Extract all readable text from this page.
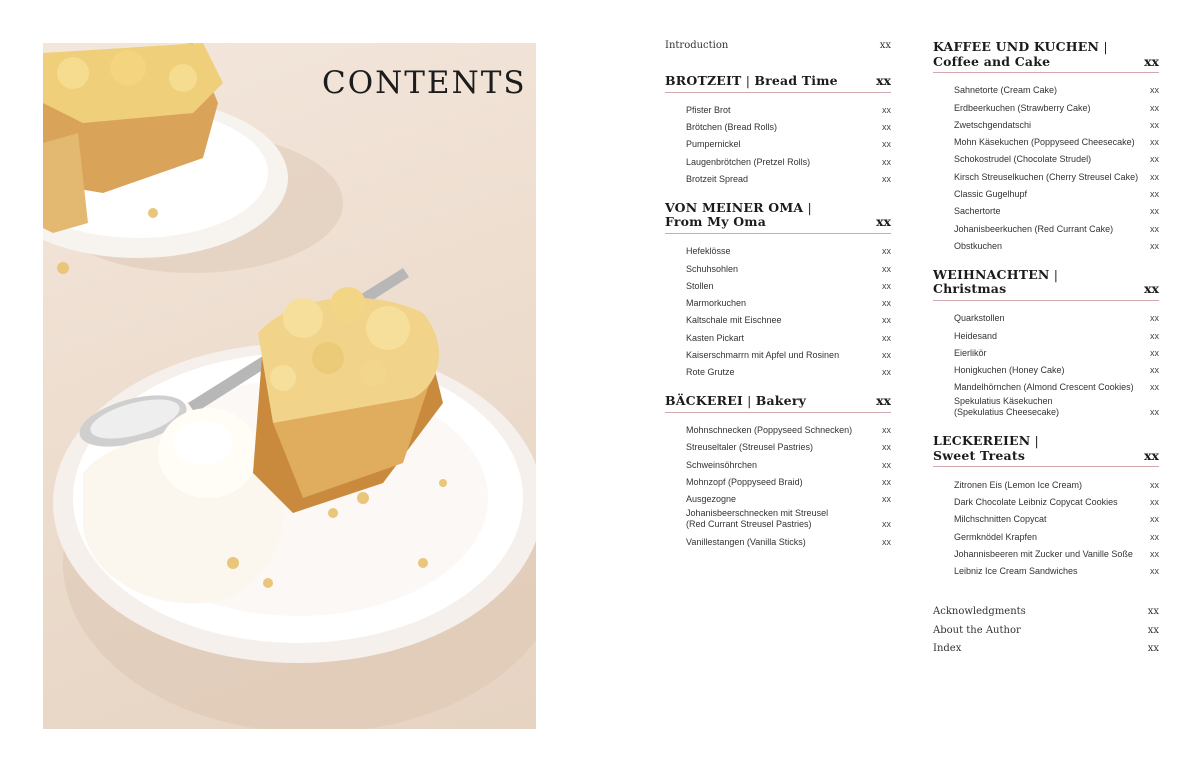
CONTENTS
Introduction	xx
BROTZEIT | Bread Time	xx
Pfister Brot	xx
Brötchen (Bread Rolls)	xx
Pumpernickel	xx
Laugenbrötchen (Pretzel Rolls)	xx
Brotzeit Spread	xx
VON MEINER OMA |
From My Oma	xx
Hefeklösse	xx
Schuhsohlen	xx
Stollen	xx
Marmorkuchen	xx
Kaltschale mit Eischnee	xx
Kasten Pickart	xx
Kaiserschmarrn mit Apfel und Rosinen	xx
Rote Grutze	xx
BÄCKEREI | Bakery	xx
Mohnschnecken (Poppyseed Schnecken)	xx
Streuseltaler (Streusel Pastries)	xx
Schweinsöhrchen	xx
Mohnzopf (Poppyseed Braid)	xx
Ausgezogne	xx
Johanisbeerschnecken mit Streusel
(Red Currant Streusel Pastries)	xx
Vanillestangen (Vanilla Sticks)	xx
KAFFEE UND KUCHEN |
Coffee and Cake	xx
Sahnetorte (Cream Cake)	xx
Erdbeerkuchen (Strawberry Cake)	xx
Zwetschgendatschi	xx
Mohn Käsekuchen (Poppyseed Cheesecake) xx
Schokostrudel (Chocolate Strudel)	xx
Kirsch Streuselkuchen (Cherry Streusel Cake) xx
Classic Gugelhupf	xx
Sachertorte	xx
Johanisbeerkuchen (Red Currant Cake)	xx
Obstkuchen	xx
WEIHNACHTEN |
Christmas	xx
Quarkstollen	xx
Heidesand	xx
Eierlikör	xx
Honigkuchen (Honey Cake)	xx
Mandelhörnchen (Almond Crescent Cookies) xx
Spekulatius Käsekuchen
(Spekulatius Cheesecake)	xx
LECKEREIEN |
Sweet Treats	xx
Zitronen Eis (Lemon Ice Cream)	xx
Dark Chocolate Leibniz Copycat Cookies	xx
Milchschnitten Copycat	xx
Germknödel Krapfen	xx
Johannisbeeren mit Zucker und Vanille Soße xx
Leibniz Ice Cream Sandwiches	xx
Acknowledgments	xx
About the Author	xx
Index	xx
